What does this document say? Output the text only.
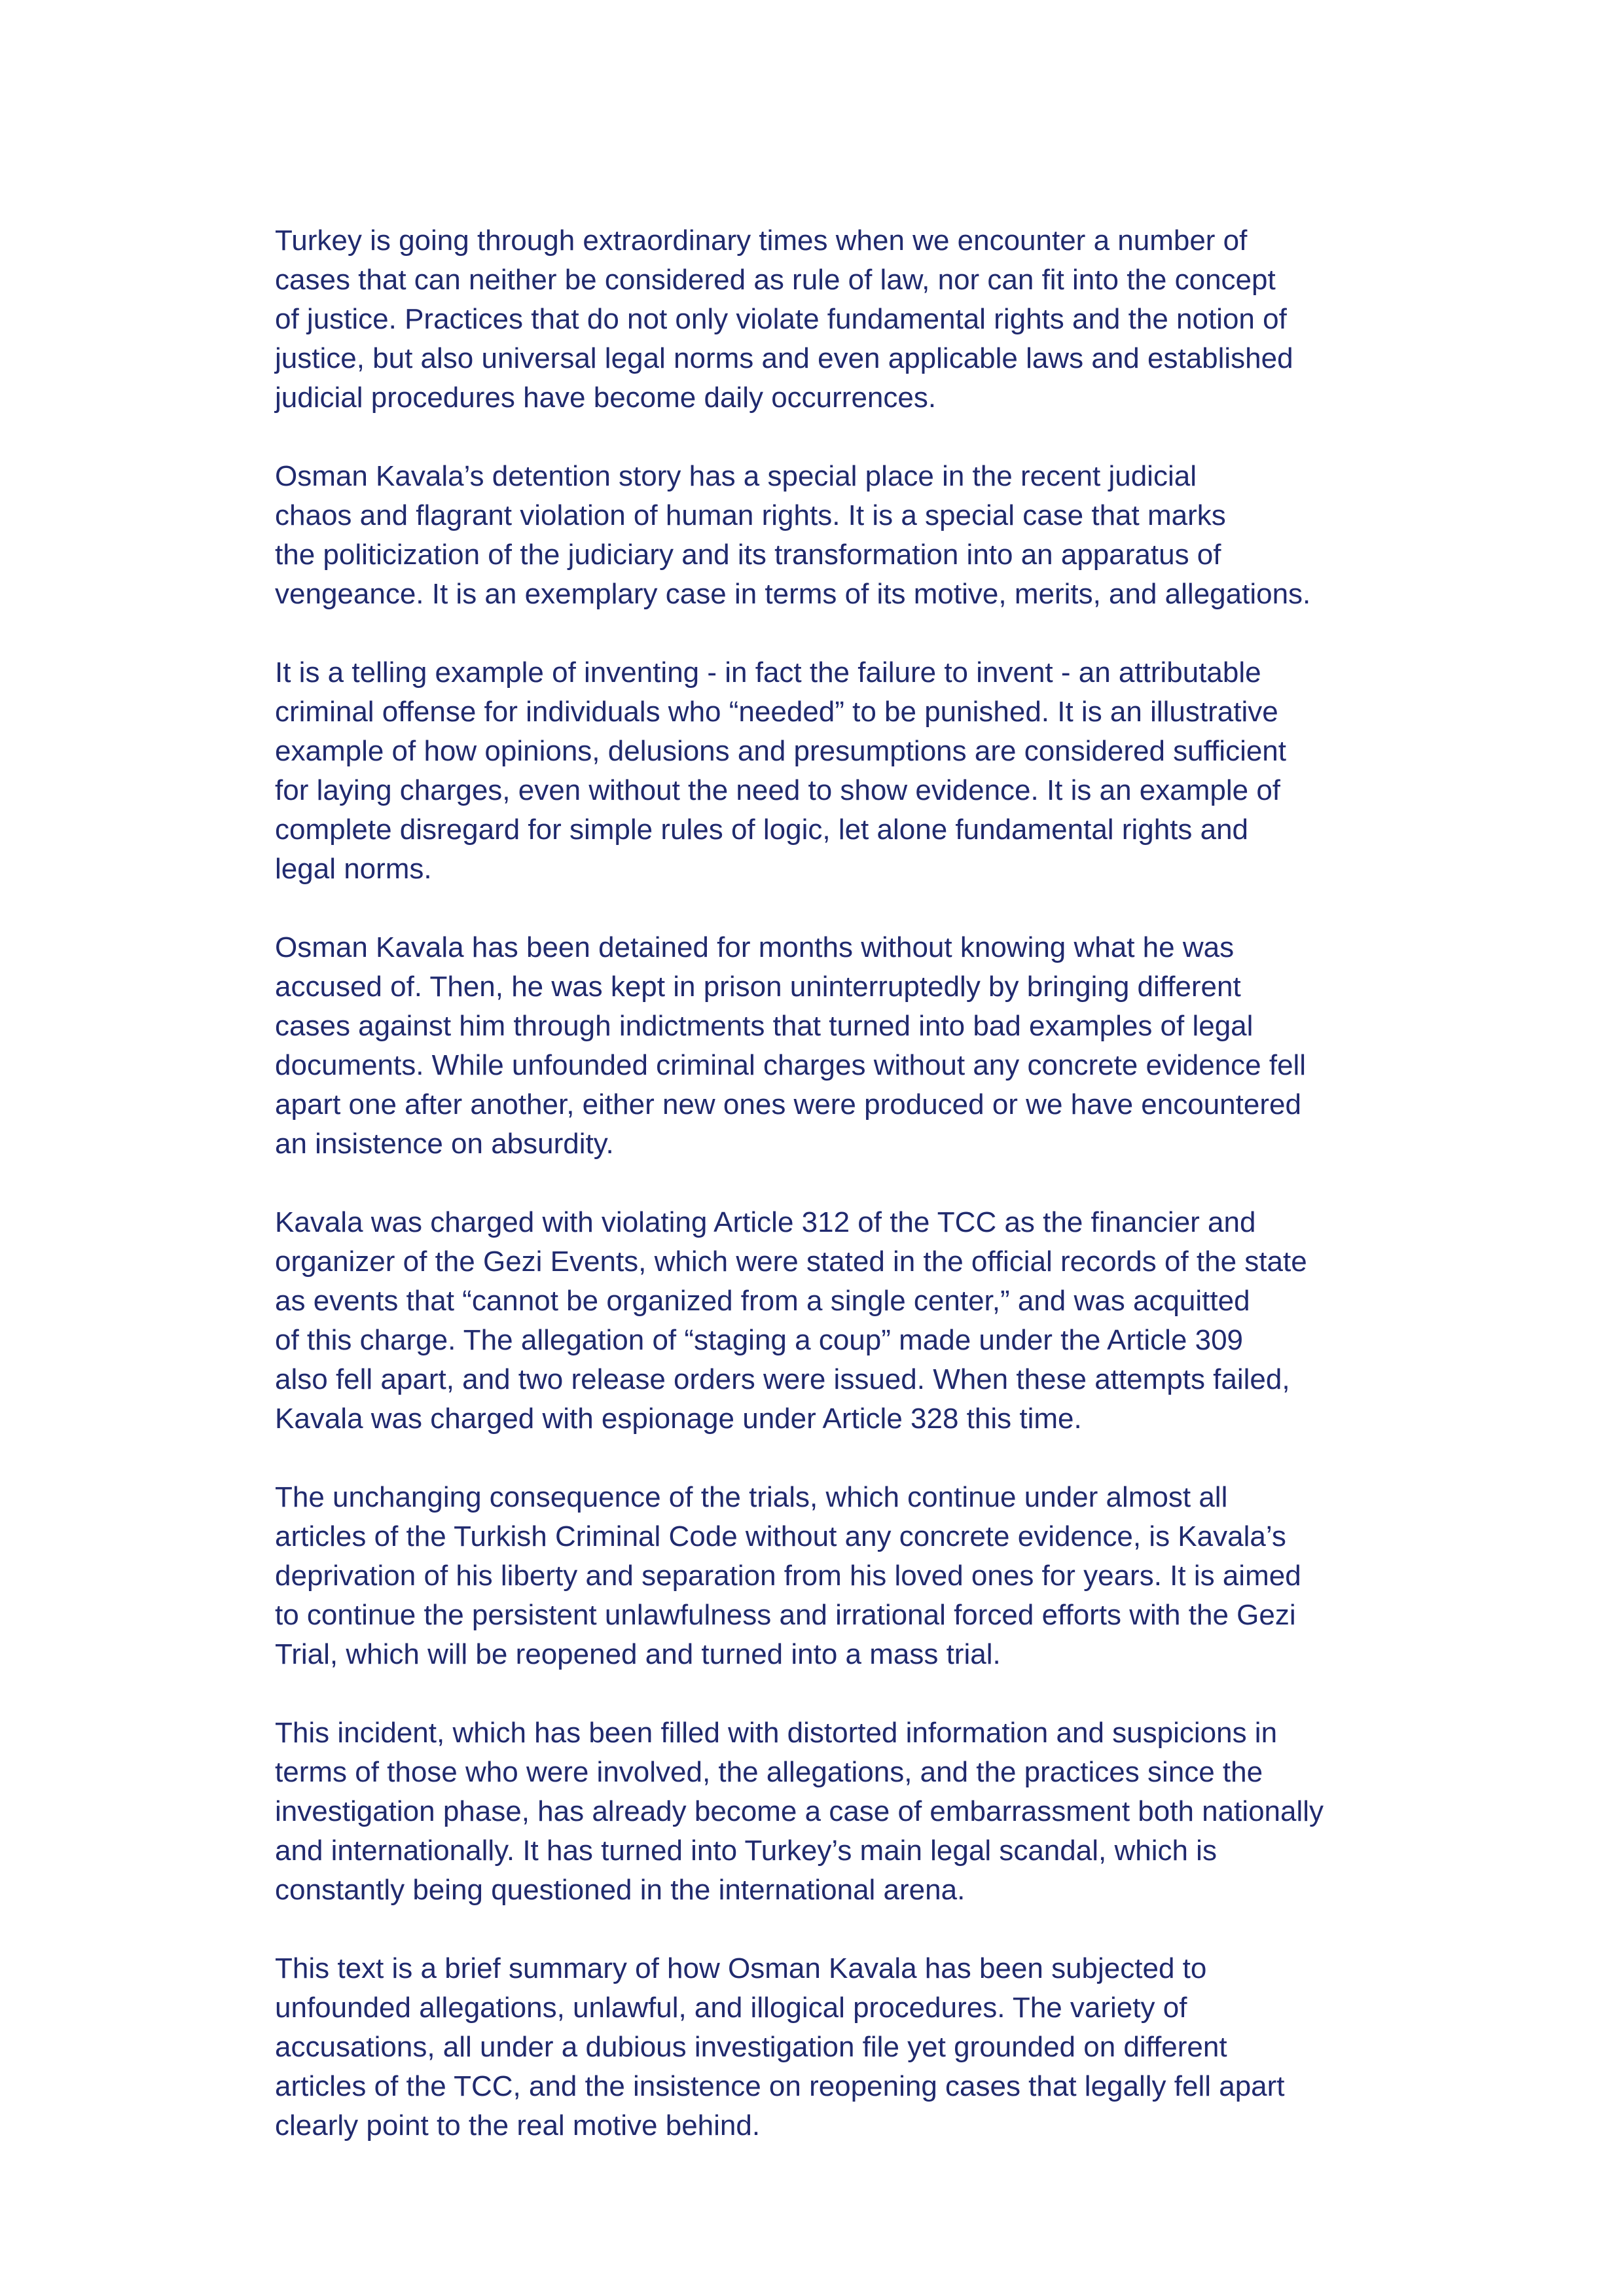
Turkey is going through extraordinary times when we encounter a number of
cases that can neither be considered as rule of law, nor can fit into the concept
of justice. Practices that do not only violate fundamental rights and the notion of
justice, but also universal legal norms and even applicable laws and established
judicial procedures have become daily occurrences.
Osman Kavala’s detention story has a special place in the recent judicial
chaos and flagrant violation of human rights. It is a special case that marks
the politicization of the judiciary and its transformation into an apparatus of
vengeance. It is an exemplary case in terms of its motive, merits, and allegations.
It is a telling example of inventing - in fact the failure to invent - an attributable
criminal offense for individuals who “needed” to be punished. It is an illustrative
example of how opinions, delusions and presumptions are considered sufficient
for laying charges, even without the need to show evidence. It is an example of
complete disregard for simple rules of logic, let alone fundamental rights and
legal norms.
Osman Kavala has been detained for months without knowing what he was
accused of. Then, he was kept in prison uninterruptedly by bringing different
cases against him through indictments that turned into bad examples of legal
documents. While unfounded criminal charges without any concrete evidence fell
apart one after another, either new ones were produced or we have encountered
an insistence on absurdity.
Kavala was charged with violating Article 312 of the TCC as the financier and
organizer of the Gezi Events, which were stated in the official records of the state
as events that “cannot be organized from a single center,” and was acquitted
of this charge. The allegation of “staging a coup” made under the Article 309
also fell apart, and two release orders were issued. When these attempts failed,
Kavala was charged with espionage under Article 328 this time.
The unchanging consequence of the trials, which continue under almost all
articles of the Turkish Criminal Code without any concrete evidence, is Kavala’s
deprivation of his liberty and separation from his loved ones for years. It is aimed
to continue the persistent unlawfulness and irrational forced efforts with the Gezi
Trial, which will be reopened and turned into a mass trial.
This incident, which has been filled with distorted information and suspicions in
terms of those who were involved, the allegations, and the practices since the
investigation phase, has already become a case of embarrassment both nationally
and internationally. It has turned into Turkey’s main legal scandal, which is
constantly being questioned in the international arena.
This text is a brief summary of how Osman Kavala has been subjected to
unfounded allegations, unlawful, and illogical procedures. The variety of
accusations, all under a dubious investigation file yet grounded on different
articles of the TCC, and the insistence on reopening cases that legally fell apart
clearly point to the real motive behind.
